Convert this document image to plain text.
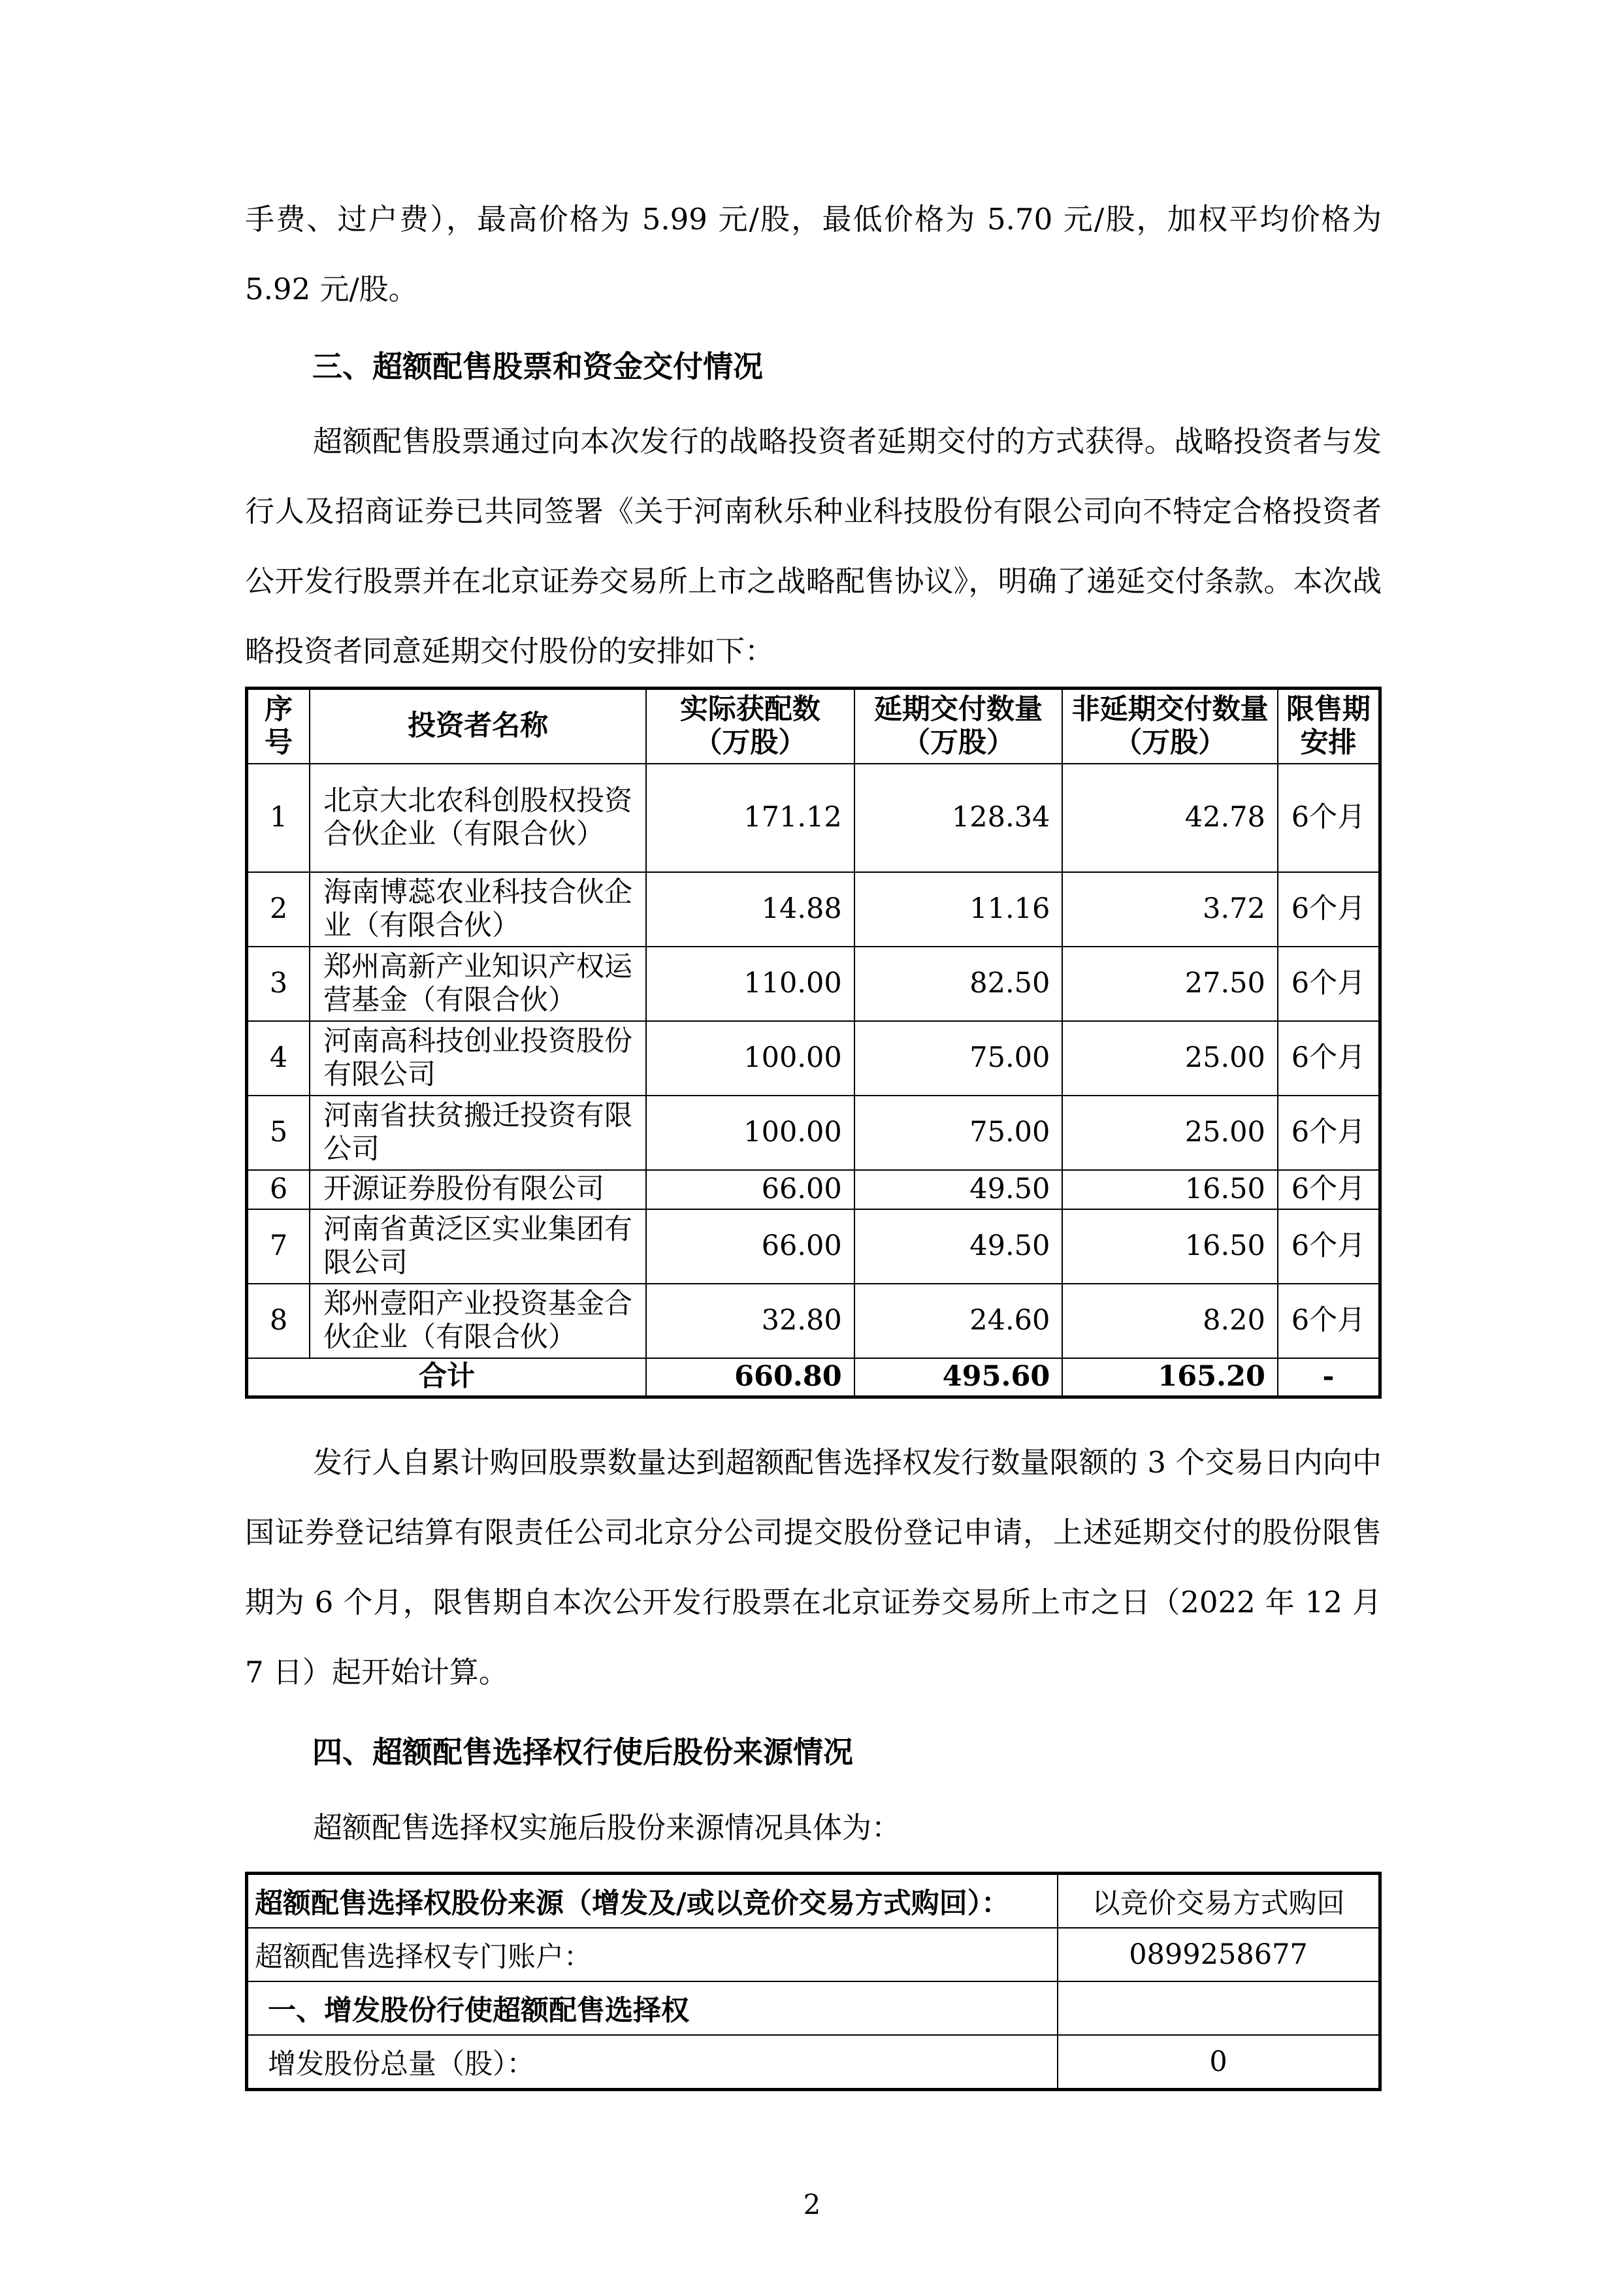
手费、过户费），最高价格为 5.99 元/股，最低价格为 5.70 元/股，加权平均价格为 5.92 元/股。

三、超额配售股票和资金交付情况

超额配售股票通过向本次发行的战略投资者延期交付的方式获得。战略投资者与发行人及招商证券已共同签署《关于河南秋乐种业科技股份有限公司向不特定合格投资者公开发行股票并在北京证券交易所上市之战略配售协议》，明确了递延交付条款。本次战略投资者同意延期交付股份的安排如下：

序号	投资者名称	实际获配数（万股）	延期交付数量（万股）	非延期交付数量（万股）	限售期安排
1	北京大北农科创股权投资合伙企业（有限合伙）	171.12	128.34	42.78	6个月
2	海南博蕊农业科技合伙企业（有限合伙）	14.88	11.16	3.72	6个月
3	郑州高新产业知识产权运营基金（有限合伙）	110.00	82.50	27.50	6个月
4	河南高科技创业投资股份有限公司	100.00	75.00	25.00	6个月
5	河南省扶贫搬迁投资有限公司	100.00	75.00	25.00	6个月
6	开源证券股份有限公司	66.00	49.50	16.50	6个月
7	河南省黄泛区实业集团有限公司	66.00	49.50	16.50	6个月
8	郑州壹阳产业投资基金合伙企业（有限合伙）	32.80	24.60	8.20	6个月
合计		660.80	495.60	165.20	-

发行人自累计购回股票数量达到超额配售选择权发行数量限额的 3 个交易日内向中国证券登记结算有限责任公司北京分公司提交股份登记申请，上述延期交付的股份限售期为 6 个月，限售期自本次公开发行股票在北京证券交易所上市之日（2022 年 12 月 7 日）起开始计算。

四、超额配售选择权行使后股份来源情况

超额配售选择权实施后股份来源情况具体为：

超额配售选择权股份来源（增发及/或以竞价交易方式购回）：	以竞价交易方式购回
超额配售选择权专门账户：	0899258677
一、增发股份行使超额配售选择权	
增发股份总量（股）：	0
2
